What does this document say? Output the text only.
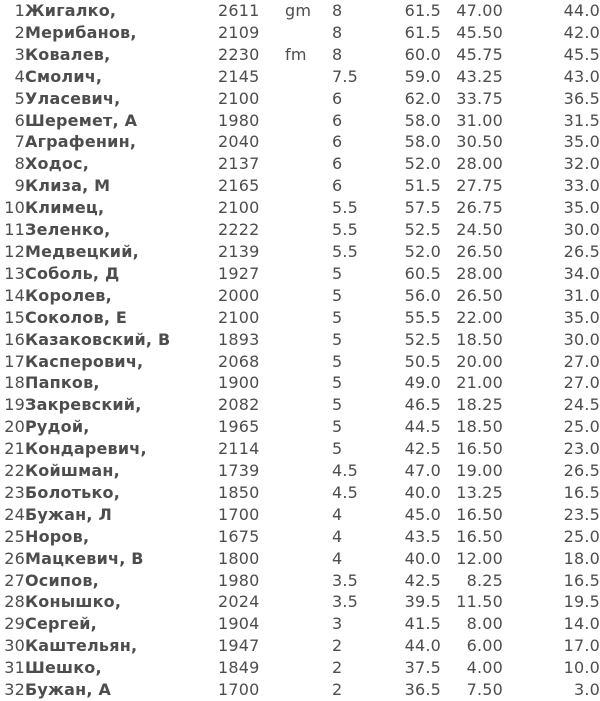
1	Жигалко,	2611	gm	8	61.5	47.00	44.0
2	Мерибанов,	2109		8	61.5	45.50	42.0
3	Ковалев,	2230	fm	8	60.0	45.75	45.5
4	Смолич,	2145		7.5	59.0	43.25	43.0
5	Уласевич,	2100		6	62.0	33.75	36.5
6	Шеремет, А	1980		6	58.0	31.00	31.5
7	Аграфенин,	2040		6	58.0	30.50	35.0
8	Ходос,	2137		6	52.0	28.00	32.0
9	Клиза, М	2165		6	51.5	27.75	33.0
10	Климец,	2100		5.5	57.5	26.75	35.0
11	Зеленко,	2222		5.5	52.5	24.50	30.0
12	Медвецкий,	2139		5.5	52.0	26.50	26.5
13	Соболь, Д	1927		5	60.5	28.00	34.0
14	Королев,	2000		5	56.0	26.50	31.0
15	Соколов, Е	2100		5	55.5	22.00	35.0
16	Казаковский, В	1893		5	52.5	18.50	30.0
17	Касперович,	2068		5	50.5	20.00	27.0
18	Папков,	1900		5	49.0	21.00	27.0
19	Закревский,	2082		5	46.5	18.25	24.5
20	Рудой,	1965		5	44.5	18.50	25.0
21	Кондаревич,	2114		5	42.5	16.50	23.0
22	Койшман,	1739		4.5	47.0	19.00	26.5
23	Болотько,	1850		4.5	40.0	13.25	16.5
24	Бужан, Л	1700		4	45.0	16.50	23.5
25	Норов,	1675		4	43.5	16.50	25.0
26	Мацкевич, В	1800		4	40.0	12.00	18.0
27	Осипов,	1980		3.5	42.5	8.25	16.5
28	Конышко,	2024		3.5	39.5	11.50	19.5
29	Сергей,	1904		3	41.5	8.00	14.0
30	Каштельян,	1947		2	44.0	6.00	17.0
31	Шешко,	1849		2	37.5	4.00	10.0
32	Бужан, А	1700		2	36.5	7.50	3.0
